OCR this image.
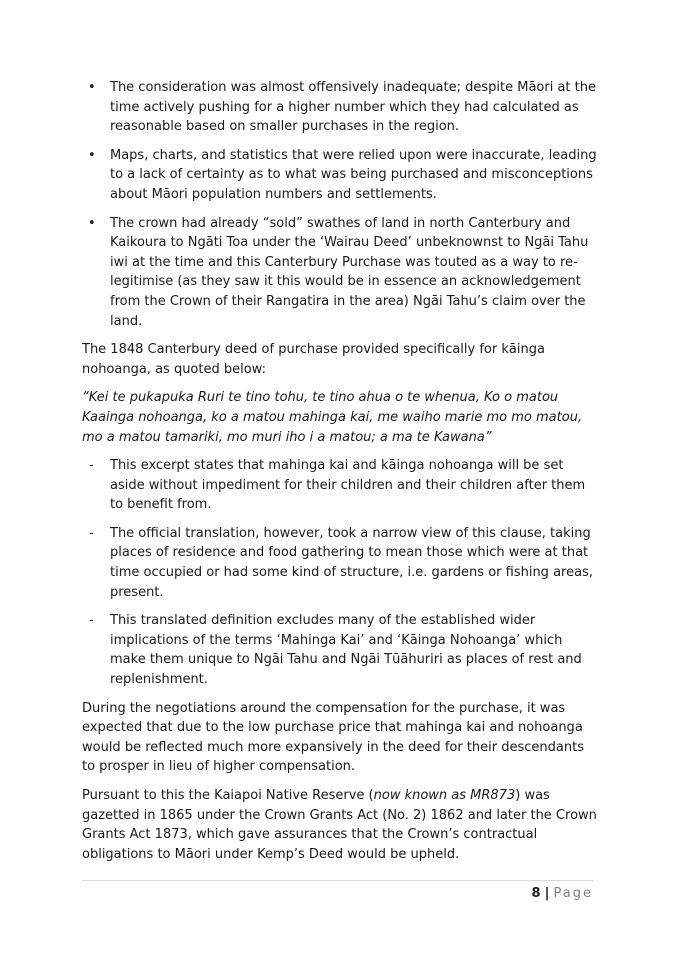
• The consideration was almost offensively inadequate; despite Māori at the time actively pushing for a higher number which they had calculated as reasonable based on smaller purchases in the region.
• Maps, charts, and statistics that were relied upon were inaccurate, leading to a lack of certainty as to what was being purchased and misconceptions about Māori population numbers and settlements.
• The crown had already “sold” swathes of land in north Canterbury and Kaikoura to Ngāti Toa under the ‘Wairau Deed’ unbeknownst to Ngāi Tahu iwi at the time and this Canterbury Purchase was touted as a way to re-legitimise (as they saw it this would be in essence an acknowledgement from the Crown of their Rangatira in the area) Ngāi Tahu’s claim over the land.

The 1848 Canterbury deed of purchase provided specifically for kāinga nohoanga, as quoted below:

“Kei te pukapuka Ruri te tino tohu, te tino ahua o te whenua, Ko o matou Kaainga nohoanga, ko a matou mahinga kai, me waiho marie mo mo matou, mo a matou tamariki, mo muri iho i a matou; a ma te Kawana”

- This excerpt states that mahinga kai and kāinga nohoanga will be set aside without impediment for their children and their children after them to benefit from.
- The official translation, however, took a narrow view of this clause, taking places of residence and food gathering to mean those which were at that time occupied or had some kind of structure, i.e. gardens or fishing areas, present.
- This translated definition excludes many of the established wider implications of the terms ‘Mahinga Kai’ and ‘Kāinga Nohoanga’ which make them unique to Ngāi Tahu and Ngāi Tūāhuriri as places of rest and replenishment.

During the negotiations around the compensation for the purchase, it was expected that due to the low purchase price that mahinga kai and nohoanga would be reflected much more expansively in the deed for their descendants to prosper in lieu of higher compensation.

Pursuant to this the Kaiapoi Native Reserve (now known as MR873) was gazetted in 1865 under the Crown Grants Act (No. 2) 1862 and later the Crown Grants Act 1873, which gave assurances that the Crown’s contractual obligations to Māori under Kemp’s Deed would be upheld.

8 | Page
